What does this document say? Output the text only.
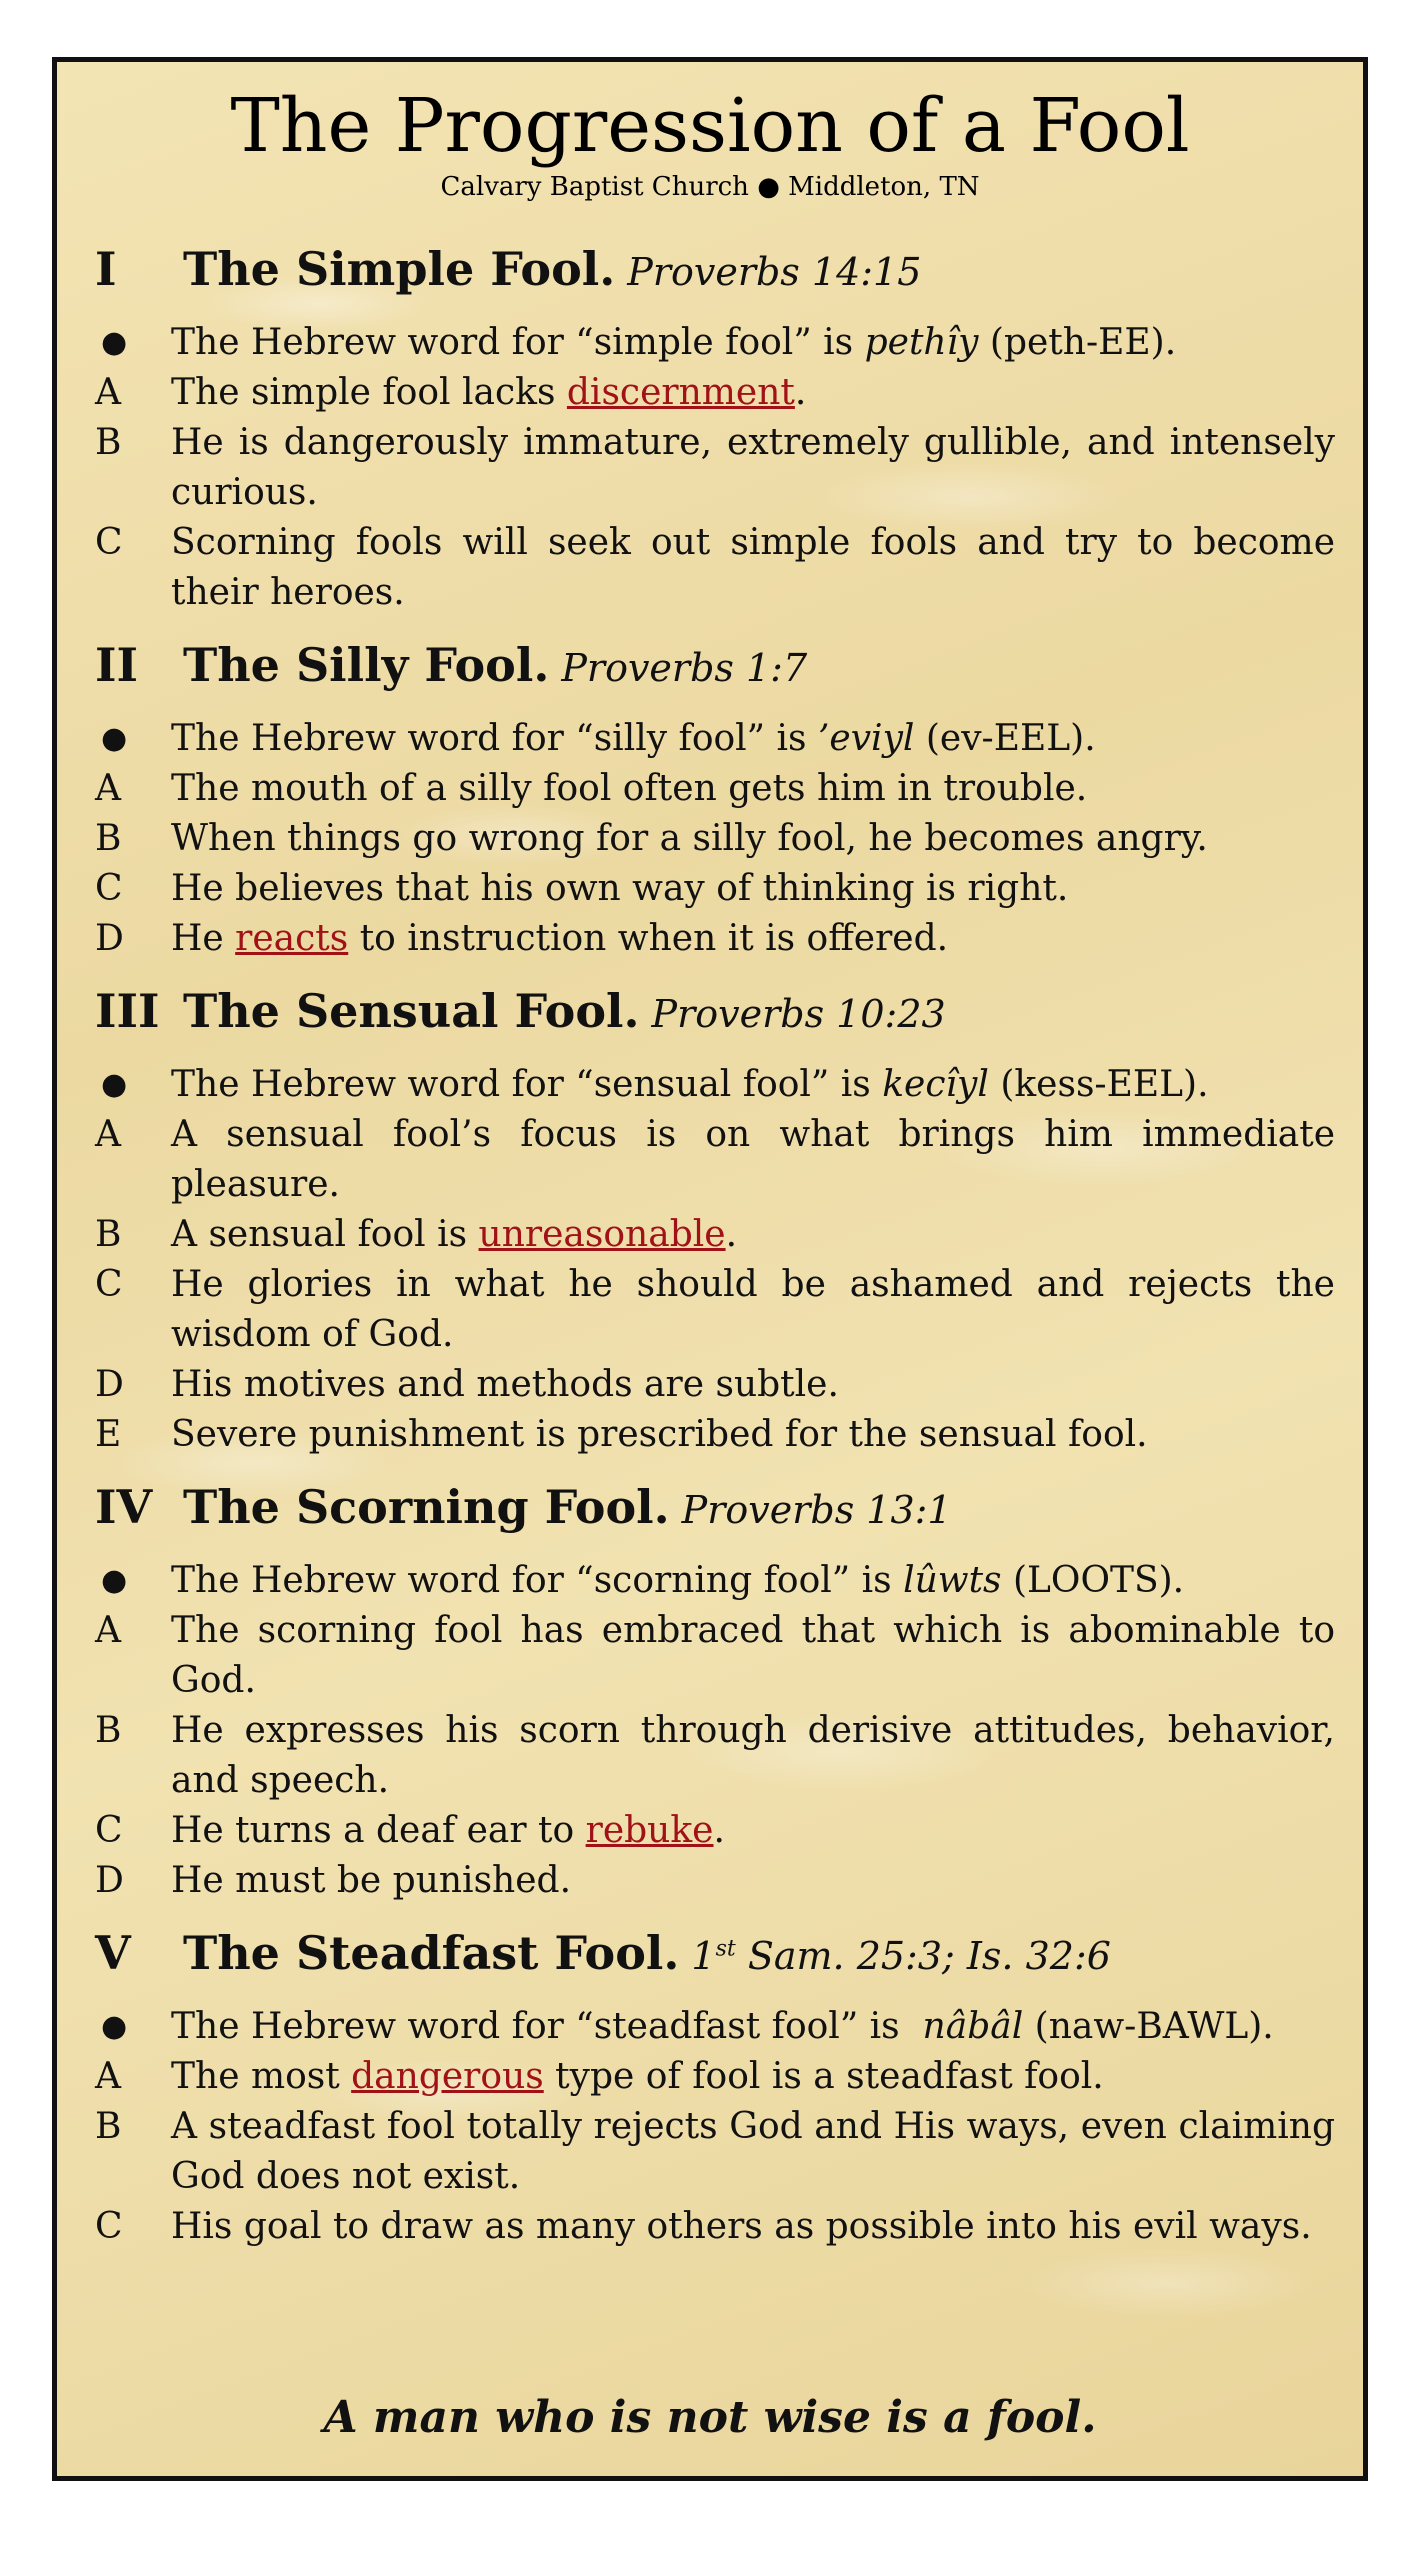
The Progression of a Fool
Calvary Baptist Church ● Middleton, TN
I	The Simple Fool. Proverbs 14:15
●	The Hebrew word for “simple fool” is pethîy (peth-EE).
A	The simple fool lacks discernment.
B	He is dangerously immature, extremely gullible, and intensely curious.
C	Scorning fools will seek out simple fools and try to become their heroes.
II The Silly Fool. Proverbs 1:7
●	The Hebrew word for “silly fool” is ’eviyl (ev-EEL).
A	The mouth of a silly fool often gets him in trouble.
B	When things go wrong for a silly fool, he becomes angry.
C	He believes that his own way of thinking is right.
D	He reacts to instruction when it is offered.
III The Sensual Fool. Proverbs 10:23
●	The Hebrew word for “sensual fool” is kecîyl (kess-EEL).
A	A sensual fool’s focus is on what brings him immediate pleasure.
B	A sensual fool is unreasonable.
C	He glories in what he should be ashamed and rejects the wisdom of God.
D	His motives and methods are subtle.
E	Severe punishment is prescribed for the sensual fool.
IV The Scorning Fool. Proverbs 13:1
●	The Hebrew word for “scorning fool” is lûwts (LOOTS).
A	The scorning fool has embraced that which is abominable to God.
B	He expresses his scorn through derisive attitudes, behavior, and speech.
C	He turns a deaf ear to rebuke.
D	He must be punished.
V	The Steadfast Fool. 1st Sam. 25:3; Is. 32:6
●	The Hebrew word for “steadfast fool” is  nâbâl (naw-BAWL).
A	The most dangerous type of fool is a steadfast fool.
B	A steadfast fool totally rejects God and His ways, even claiming God does not exist.
C	His goal to draw as many others as possible into his evil ways.
A man who is not wise is a fool.
